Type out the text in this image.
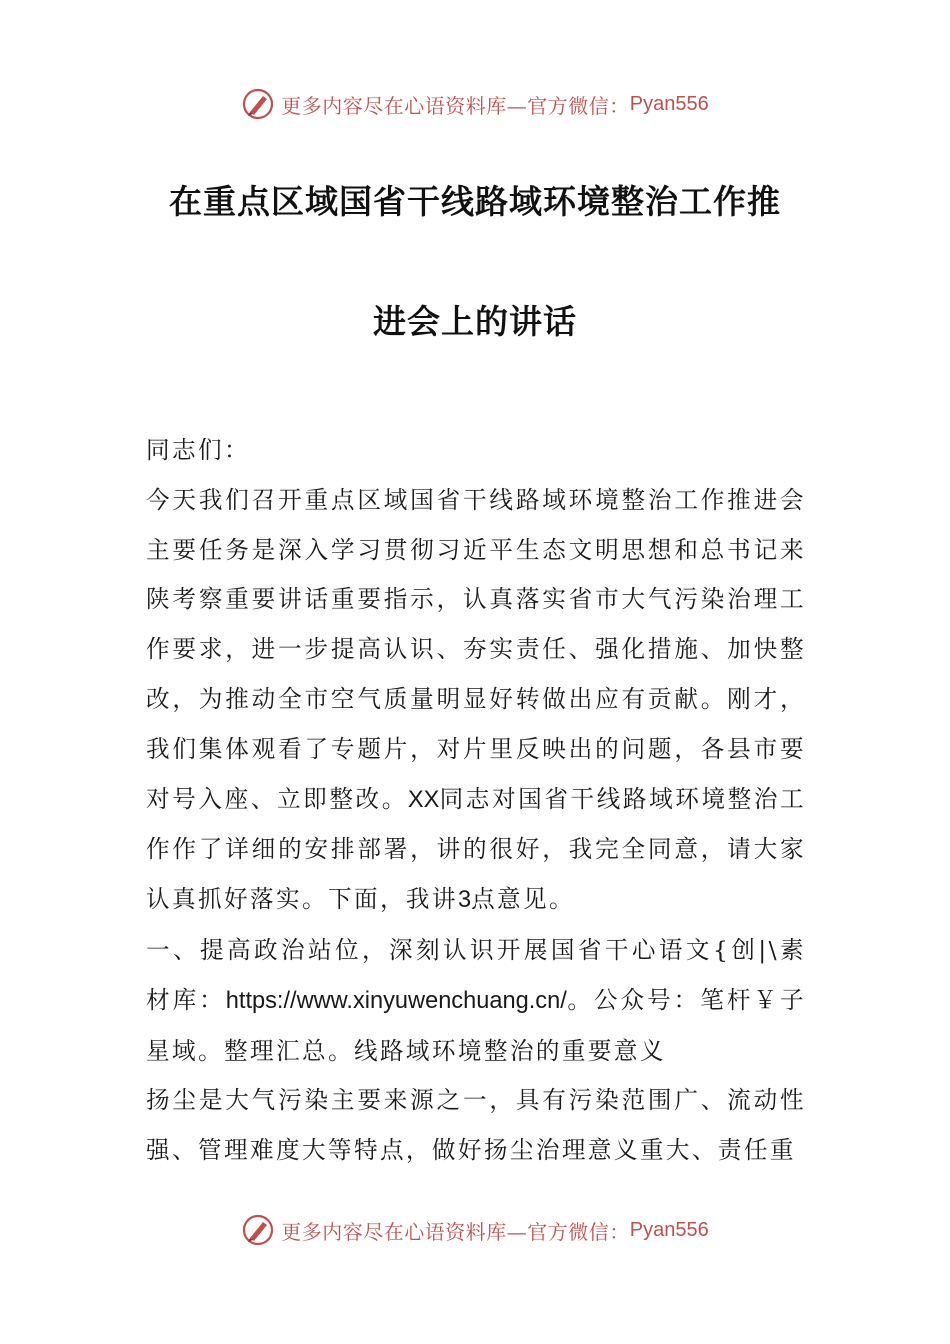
更多内容尽在心语资料库—官方微信： Pyan556
在重点区域国省干线路域环境整治工作推
进会上的讲话

同志们：

今天我们召开重点区域国省干线路域环境整治工作推进会主要任务是深入学习贯彻习近平生态文明思想和总书记来陕考察重要讲话重要指示，认真落实省市大气污染治理工作要求，进一步提高认识、夯实责任、强化措施、加快整改，为推动全市空气质量明显好转做出应有贡献。刚才，我们集体观看了专题片，对片里反映出的问题，各县市要对号入座、立即整改。XX同志对国省干线路域环境整治工作作了详细的安排部署，讲的很好，我完全同意，请大家认真抓好落实。下面，我讲3点意见。

一、提高政治站位，深刻认识开展国省干心语文{创|\素材库：https://www.xinyuwenchuang.cn/。公众号：笔杆￥子星域。整理汇总。线路域环境整治的重要意义

扬尘是大气污染主要来源之一，具有污染范围广、流动性强、管理难度大等特点，做好扬尘治理意义重大、责任重

更多内容尽在心语资料库—官方微信： Pyan556
